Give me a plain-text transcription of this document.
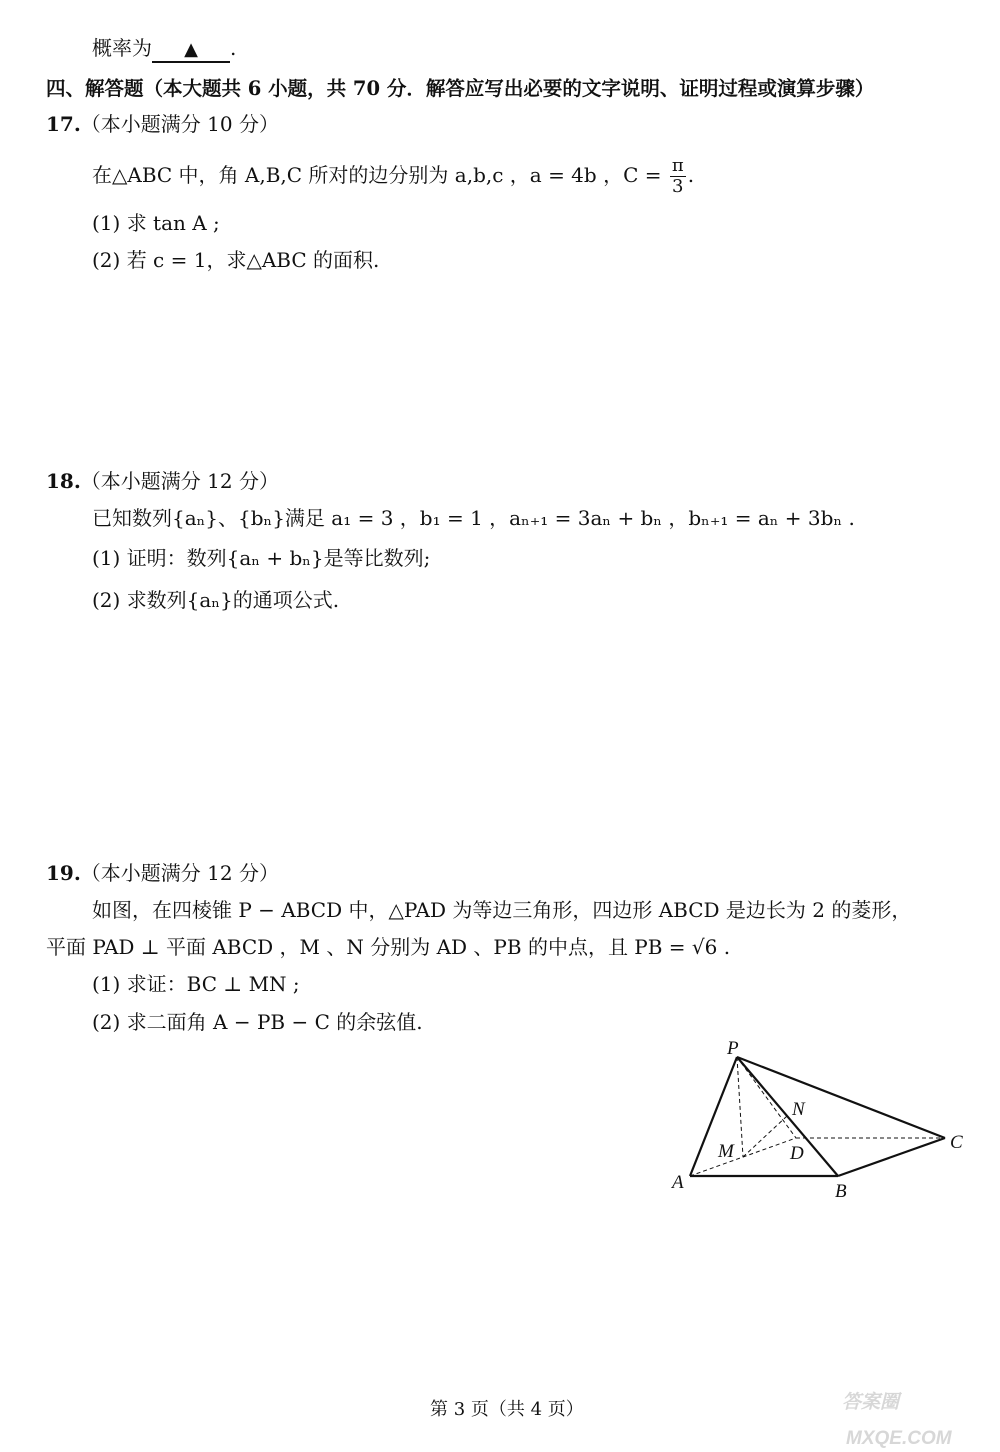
概率为 ▲ .
四、解答题（本大题共 6 小题，共 70 分．解答应写出必要的文字说明、证明过程或演算步骤）
17.（本小题满分 10 分）
在△ABC 中，角 A,B,C 所对的边分别为 a,b,c ，a = 4b ，$C = \frac{\pi}{3}$ .
(1) 求 tan A ;
(2) 若 c = 1，求△ABC 的面积.
18.（本小题满分 12 分）
已知数列{aₙ}、{bₙ}满足 a₁ = 3 ，b₁ = 1 ，aₙ₊₁ = 3aₙ + bₙ ，bₙ₊₁ = aₙ + 3bₙ .
(1) 证明：数列{aₙ + bₙ}是等比数列;
(2) 求数列{aₙ}的通项公式.
19.（本小题满分 12 分）
如图，在四棱锥 P − ABCD 中，△PAD 为等边三角形，四边形 ABCD 是边长为 2 的菱形，
平面 PAD ⊥ 平面 ABCD ，M 、N 分别为 AD 、PB 的中点，且 PB = √6 .
(1) 求证：BC ⊥ MN ;
(2) 求二面角 A − PB − C 的余弦值.
P
N
M	D
C
A	B
答案圈
MXQE.COM
第 3 页（共 4 页）
